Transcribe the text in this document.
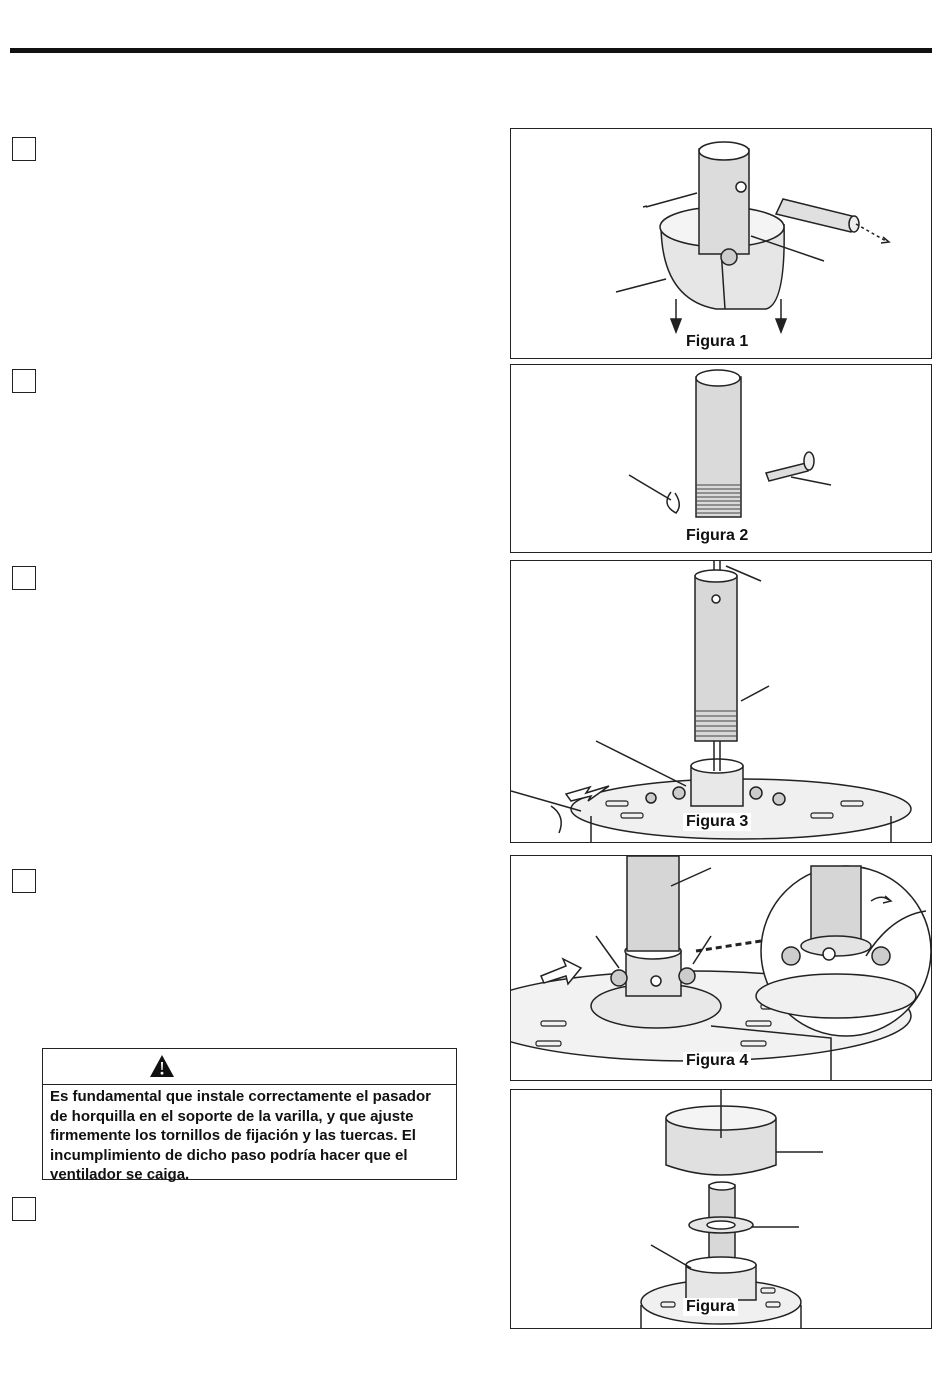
Figura 1
Figura 2
Figura 3
Figura 4
Figura
Es fundamental que instale correctamente el pasador
de horquilla en el soporte de la varilla, y que ajuste
firmemente los tornillos de fijación y las tuercas. El
incumplimiento de dicho paso podría hacer que el
ventilador se caiga.
